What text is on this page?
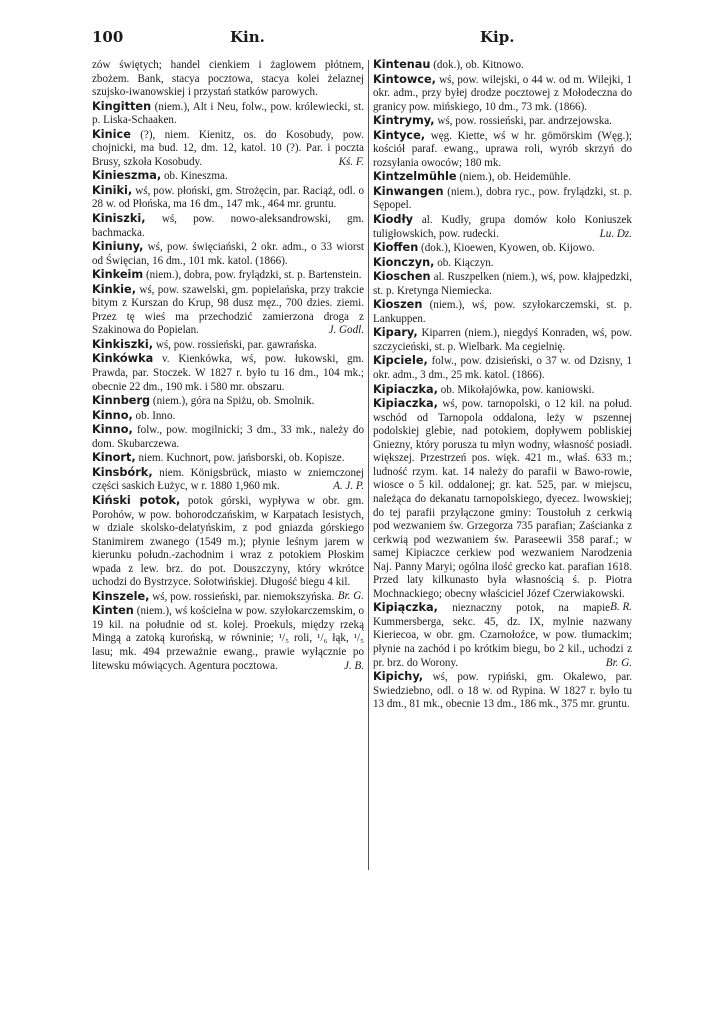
100	Kin.	Kip.

zów świętych; handel cienkiem i żaglowem płótnem, zbożem. Bank, stacya pocztowa, stacya kolei żelaznej szujsko-iwanowskiej i przystań statków parowych.

Kingitten (niem.), Alt i Neu, folw., pow. królewiecki, st. p. Liska-Schaaken.

Kinice (?), niem. Kienitz, os. do Kosobudy, pow. chojnicki, ma bud. 12, dm. 12, katol. 10 (?). Par. i poczta Brusy, szkoła Kosobudy.	Kś. F.

Kinieszma, ob. Kineszma.

Kiniki, wś, pow. płoński, gm. Strożęcin, par. Raciąż, odl. o 28 w. od Płońska, ma 16 dm., 147 mk., 464 mr. gruntu.

Kiniszki, wś, pow. nowo-aleksandrowski, gm. bachmacka.

Kiniuny, wś, pow. święciański, 2 okr. adm., o 33 wiorst od Święcian, 16 dm., 101 mk. katol. (1866).

Kinkeim (niem.), dobra, pow. frylądzki, st. p. Bartenstein.

Kinkie, wś, pow. szawelski, gm. popielańska, przy trakcie bitym z Kurszan do Krup, 98 dusz męz., 700 dzies. ziemi. Przez tę wieś ma przechodzić zamierzona droga z Szakinowa do Popielan.	J. Godl.

Kinkiszki, wś, pow. rossieński, par. gawrańska.

Kinkówka v. Kienkówka, wś, pow. łukowski, gm. Prawda, par. Stoczek. W 1827 r. było tu 16 dm., 104 mk.; obecnie 22 dm., 190 mk. i 580 mr. obszaru.

Kinnberg (niem.), góra na Spiżu, ob. Smolnik.

Kinno, ob. Inno.

Kinno, folw., pow. mogilnicki; 3 dm., 33 mk., należy do dom. Skubarczewa.

Kinort, niem. Kuchnort, pow. jańsborski, ob. Kopisze.

Kinsbórk, niem. Königsbrück, miasto w zniemczonej części saskich Łużyc, w r. 1880 1,960 mk.	A. J. P.

Kiński potok, potok górski, wypływa w obr. gm. Porohów, w pow. bohorodczańskim, w Karpatach lesistych, w dziale skolsko-delatyńskim, z pod gniazda górskiego Stanimirem zwanego (1549 m.); płynie leśnym jarem w kierunku połudn.-zachodnim i wraz z potokiem Płoskim wpada z lew. brz. do pot. Douszczyny, który wkrótce uchodzi do Bystrzyce. Sołotwińskiej. Długość biegu 4 kil.
Br. G.

Kinszele, wś, pow. rossieński, par. niemokszyńska.

Kinten (niem.), wś kościelna w pow. szyłokarczemskim, o 19 kil. na południe od st. kolej. Proekuls, między rzeką Mingą a zatoką kurońską, w równinie; ¹/₅ roli, ¹/₆ łąk, ¹/₅ lasu; mk. 494 przeważnie ewang., prawie wyłącznie po litewsku mówiących. Agentura pocztowa.	J. B.

Kintenau (dok.), ob. Kitnowo.

Kintowce, wś, pow. wilejski, o 44 w. od m. Wilejki, 1 okr. adm., przy byłej drodze pocztowej z Mołodeczna do granicy pow. mińskiego, 10 dm., 73 mk. (1866).

Kintrymy, wś, pow. rossieński, par. andrzejowska.

Kintyce, węg. Kiette, wś w hr. gömörskim (Węg.); kościół paraf. ewang., uprawa roli, wyrób skrzyń do rozsyłania owoców; 180 mk.

Kintzelmühle (niem.), ob. Heidemühle.

Kinwangen (niem.), dobra ryc., pow. frylądzki, st. p. Sępopel.

Kiodły al. Kudły, grupa domów koło Koniuszek tuligłowskich, pow. rudecki.	Lu. Dz.

Kioffen (dok.), Kioewen, Kyowen, ob. Kijowo.

Kionczyn, ob. Kiączyn.

Kioschen al. Ruszpelken (niem.), wś, pow. kłajpedzki, st. p. Kretynga Niemiecka.

Kioszen (niem.), wś, pow. szyłokarczemski, st. p. Lankuppen.

Kipary, Kiparren (niem.), niegdyś Konraden, wś, pow. szczycieński, st. p. Wielbark. Ma cegielnię.

Kipciele, folw., pow. dzisieński, o 37 w. od Dzisny, 1 okr. adm., 3 dm., 25 mk. katol. (1866).

Kipiaczka, ob. Mikołajówka, pow. kaniowski.

Kipiaczka, wś, pow. tarnopolski, o 12 kil. na połud. wschód od Tarnopola oddalona, leży w pszennej podolskiej glebie, nad potokiem, dopływem pobliskiej Gniezny, który porusza tu młyn wodny, własność posiadł. większej. Przestrzeń pos. więk. 421 m., właś. 633 m.; ludność rzym. kat. 14 należy do parafii w Bawo-rowie, wiosce o 5 kil. oddalonej; gr. kat. 525, par. w miejscu, należąca do dekanatu tarnopolskiego, dyecez. lwowskiej; do tej parafii przyłączone gminy: Toustołuh z cerkwią pod wezwaniem św. Grzegorza 735 parafian; Zaścianka z cerkwią pod wezwaniem św. Paraseewii 358 paraf.; w samej Kipiaczce cerkiew pod wezwaniem Narodzenia Naj. Panny Maryi; ogólna ilość grecko kat. parafian 1618. Przed laty kilkunasto była własnością ś. p. Piotra Mochnackiego; obecny właściciel Józef Czerwiakowski.
B. R.

Kipiączka, nieznaczny potok, na mapie Kummersberga, sekc. 45, dz. IX, mylnie nazwany Kieriecoa, w obr. gm. Czarnołoźce, w pow. tłumackim; płynie na zachód i po krótkim biegu, bo 2 kil., uchodzi z pr. brz. do Worony.	Br. G.

Kipichy, wś, pow. rypiński, gm. Okalewo, par. Swiedziebno, odl. o 18 w. od Rypina. W 1827 r. było tu 13 dm., 81 mk., obecnie 13 dm., 186 mk., 375 mr. gruntu.
